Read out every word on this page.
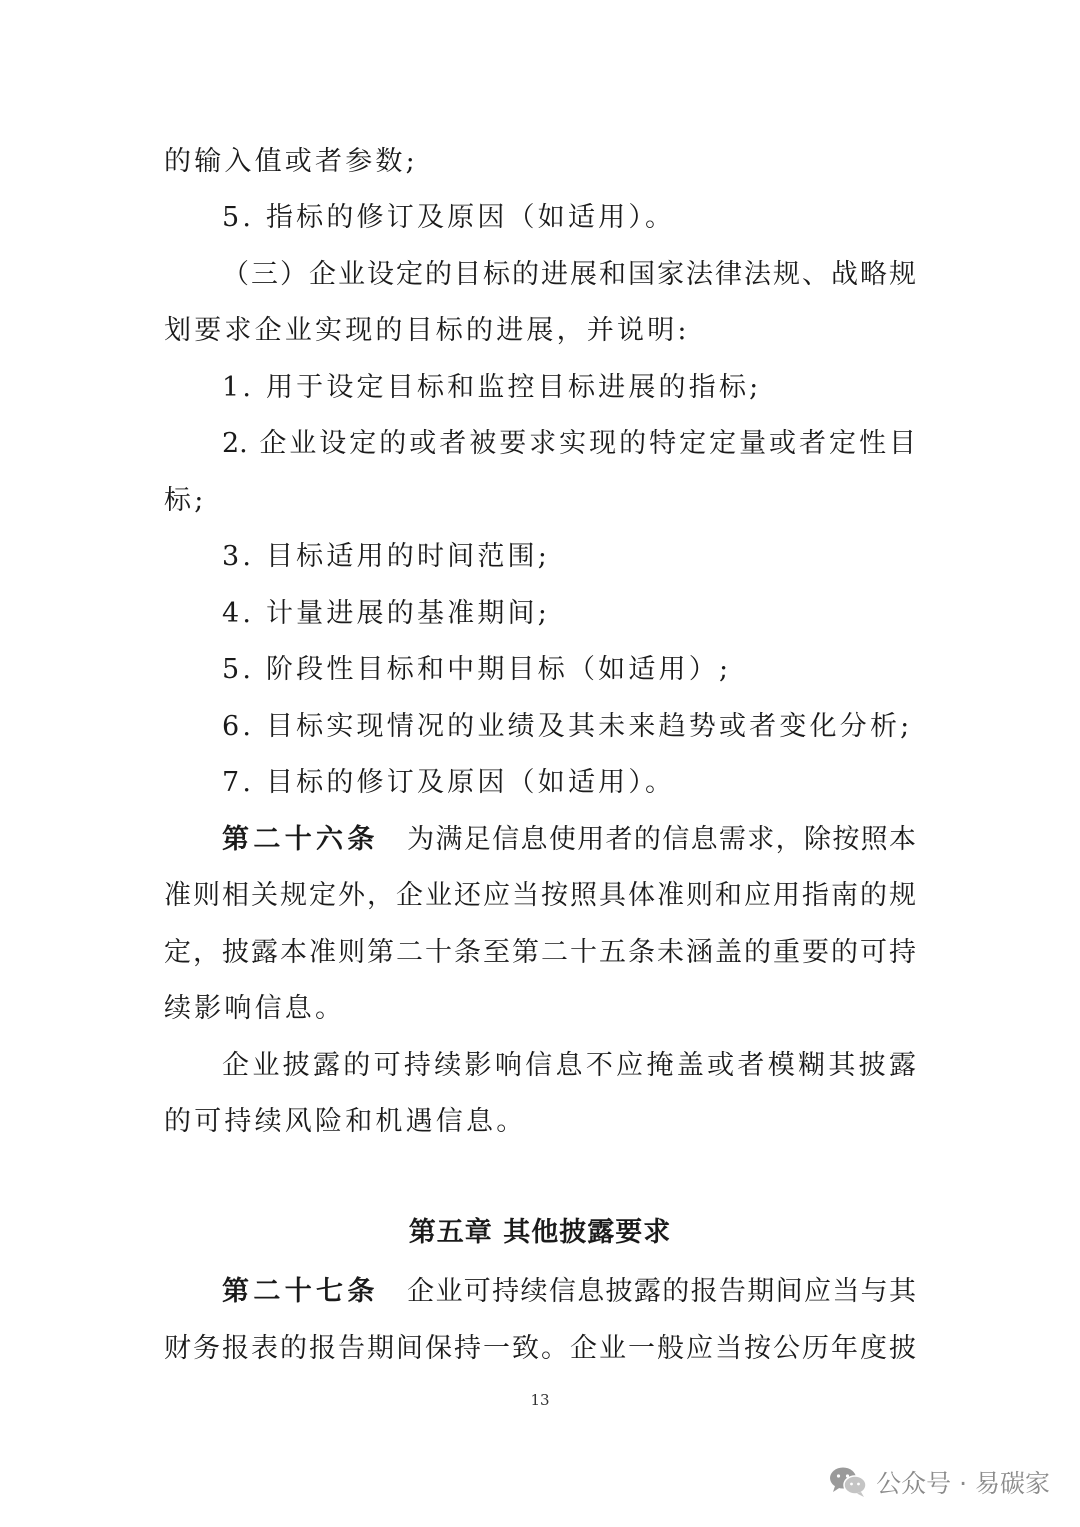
的输入值或者参数;
5. 指标的修订及原因（如适用）。
（三）企业设定的目标的进展和国家法律法规、战略规
划要求企业实现的目标的进展，并说明:
1. 用于设定目标和监控目标进展的指标;
2. 企业设定的或者被要求实现的特定定量或者定性目
标;
3. 目标适用的时间范围;
4. 计量进展的基准期间;
5. 阶段性目标和中期目标（如适用）;
6. 目标实现情况的业绩及其未来趋势或者变化分析;
7. 目标的修订及原因（如适用）。
第二十六条　 为满足信息使用者的信息需求，除按照本
准则相关规定外，企业还应当按照具体准则和应用指南的规
定，披露本准则第二十条至第二十五条未涵盖的重要的可持
续影响信息。
企业披露的可持续影响信息不应掩盖或者模糊其披露
的可持续风险和机遇信息。
第五章 其他披露要求
第二十七条　 企业可持续信息披露的报告期间应当与其
财务报表的报告期间保持一致。企业一般应当按公历年度披
13
公众号 · 易碳家
